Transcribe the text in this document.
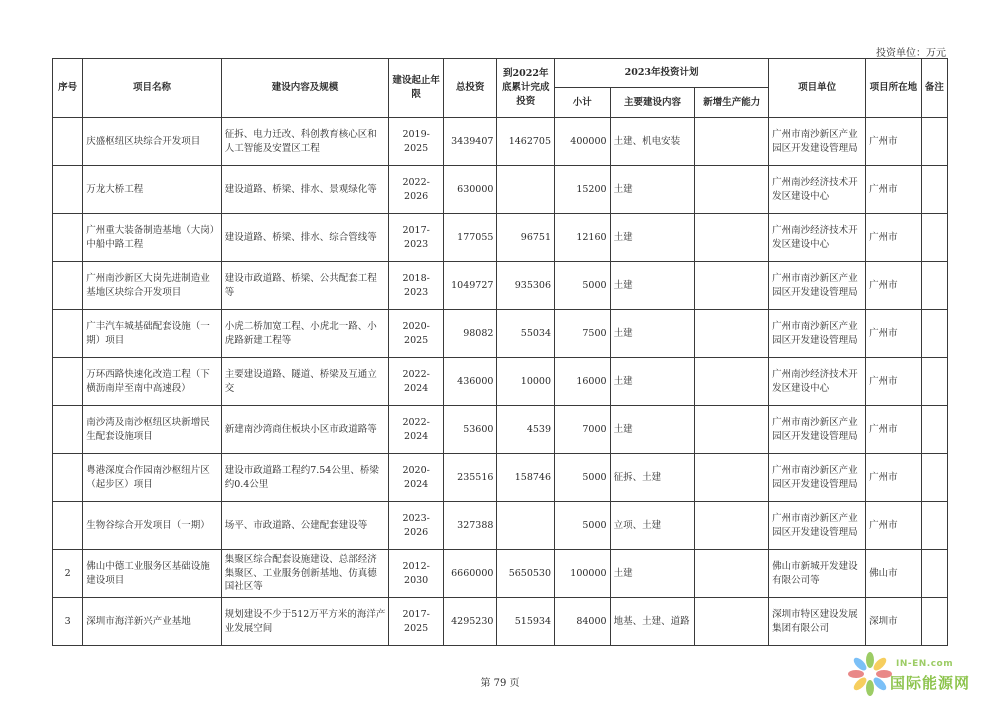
投资单位：万元
序号	项目名称	建设内容及规模	建设起止年限	总投资	到2022年底累计完成投资	2023年投资计划			项目单位	项目所在地	备注
						小计	主要建设内容	新增生产能力			
	庆盛枢纽区块综合开发项目	征拆、电力迁改、科创教育核心区和人工智能及安置区工程	2019-2025	3439407	1462705	400000	土建、机电安装		广州市南沙新区产业园区开发建设管理局	广州市	
	万龙大桥工程	建设道路、桥梁、排水、景观绿化等	2022-2026	630000		15200	土建		广州南沙经济技术开发区建设中心	广州市	
	广州重大装备制造基地（大岗）中船中路工程	建设道路、桥梁、排水、综合管线等	2017-2023	177055	96751	12160	土建		广州南沙经济技术开发区建设中心	广州市	
	广州南沙新区大岗先进制造业基地区块综合开发项目	建设市政道路、桥梁、公共配套工程等	2018-2023	1049727	935306	5000	土建		广州市南沙新区产业园区开发建设管理局	广州市	
	广丰汽车城基础配套设施（一期）项目	小虎二桥加宽工程、小虎北一路、小虎路新建工程等	2020-2025	98082	55034	7500	土建		广州市南沙新区产业园区开发建设管理局	广州市	
	万环西路快速化改造工程（下横沥南岸至南中高速段）	主要建设道路、隧道、桥梁及互通立交	2022-2024	436000	10000	16000	土建		广州南沙经济技术开发区建设中心	广州市	
	南沙湾及南沙枢纽区块新增民生配套设施项目	新建南沙湾商住板块小区市政道路等	2022-2024	53600	4539	7000	土建		广州市南沙新区产业园区开发建设管理局	广州市	
	粤港深度合作园南沙枢纽片区（起步区）项目	建设市政道路工程约7.54公里、桥梁约0.4公里	2020-2024	235516	158746	5000	征拆、土建		广州市南沙新区产业园区开发建设管理局	广州市	
	生物谷综合开发项目（一期）	场平、市政道路、公建配套建设等	2023-2026	327388		5000	立项、土建		广州市南沙新区产业园区开发建设管理局	广州市	
2	佛山中德工业服务区基础设施建设项目	集聚区综合配套设施建设、总部经济集聚区、工业服务创新基地、仿真德国社区等	2012-2030	6660000	5650530	100000	土建		佛山市新城开发建设有限公司等	佛山市	
3	深圳市海洋新兴产业基地	规划建设不少于512万平方米的海洋产业发展空间	2017-2025	4295230	515934	84000	地基、土建、道路		深圳市特区建设发展集团有限公司	深圳市	
第 79 页
IN-EN.com
国际能源网
